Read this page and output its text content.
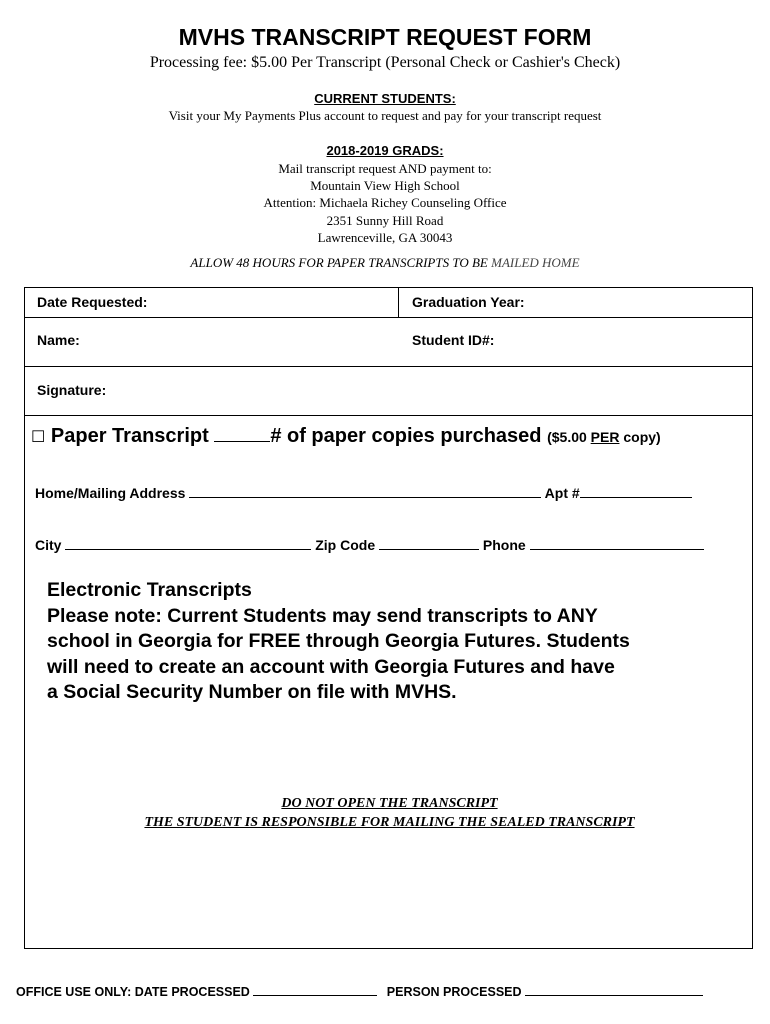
MVHS TRANSCRIPT REQUEST FORM
Processing fee: $5.00 Per Transcript (Personal Check or Cashier's Check)
CURRENT STUDENTS:
Visit your My Payments Plus account to request and pay for your transcript request
2018-2019 GRADS:
Mail transcript request AND payment to:
Mountain View High School
Attention: Michaela Richey Counseling Office
2351 Sunny Hill Road
Lawrenceville, GA 30043
ALLOW 48 HOURS FOR PAPER TRANSCRIPTS TO BE MAILED HOME
Date Requested:	Graduation Year:
Name:	Student ID#:
Signature:
☐ Paper Transcript	# of paper copies purchased ($5.00 PER copy)
Home/Mailing Address	Apt #
City	Zip Code	Phone
Electronic Transcripts
Please note: Current Students may send transcripts to ANY
school in Georgia for FREE through Georgia Futures. Students
will need to create an account with Georgia Futures and have
a Social Security Number on file with MVHS.
DO NOT OPEN THE TRANSCRIPT
THE STUDENT IS RESPONSIBLE FOR MAILING THE SEALED TRANSCRIPT
OFFICE USE ONLY: DATE PROCESSED	PERSON PROCESSED
